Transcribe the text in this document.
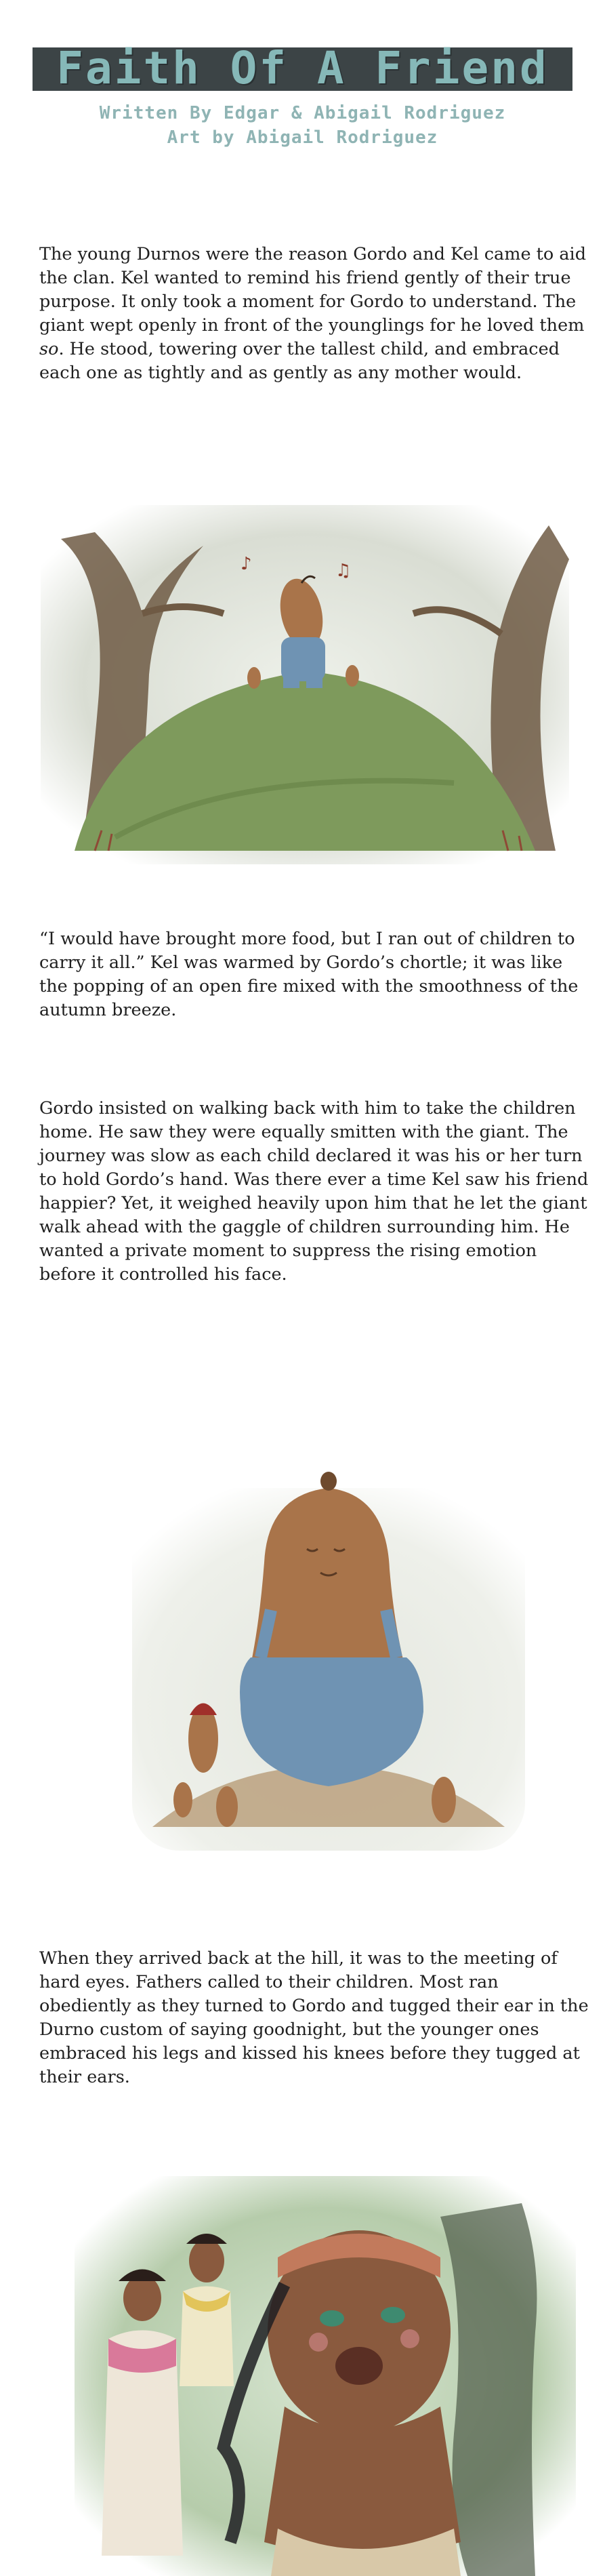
Faith Of A Friend
Written By Edgar & Abigail Rodriguez
Art by Abigail Rodriguez

The young Durnos were the reason Gordo and Kel came to aid the clan. Kel wanted to remind his friend gently of their true purpose. It only took a moment for Gordo to understand. The giant wept openly in front of the younglings for he loved them so. He stood, towering over the tallest child, and embraced each one as tightly and as gently as any mother would.

♪	♫

“I would have brought more food, but I ran out of children to carry it all.” Kel was warmed by Gordo’s chortle; it was like the popping of an open fire mixed with the smoothness of the autumn breeze.

Gordo insisted on walking back with him to take the children home. He saw they were equally smitten with the giant. The journey was slow as each child declared it was his or her turn to hold Gordo’s hand. Was there ever a time Kel saw his friend happier? Yet, it weighed heavily upon him that he let the giant walk ahead with the gaggle of children surrounding him. He wanted a private moment to suppress the rising emotion before it controlled his face.

When they arrived back at the hill, it was to the meeting of hard eyes. Fathers called to their children. Most ran obediently as they turned to Gordo and tugged their ear in the Durno custom of saying goodnight, but the younger ones embraced his legs and kissed his knees before they tugged at their ears.
